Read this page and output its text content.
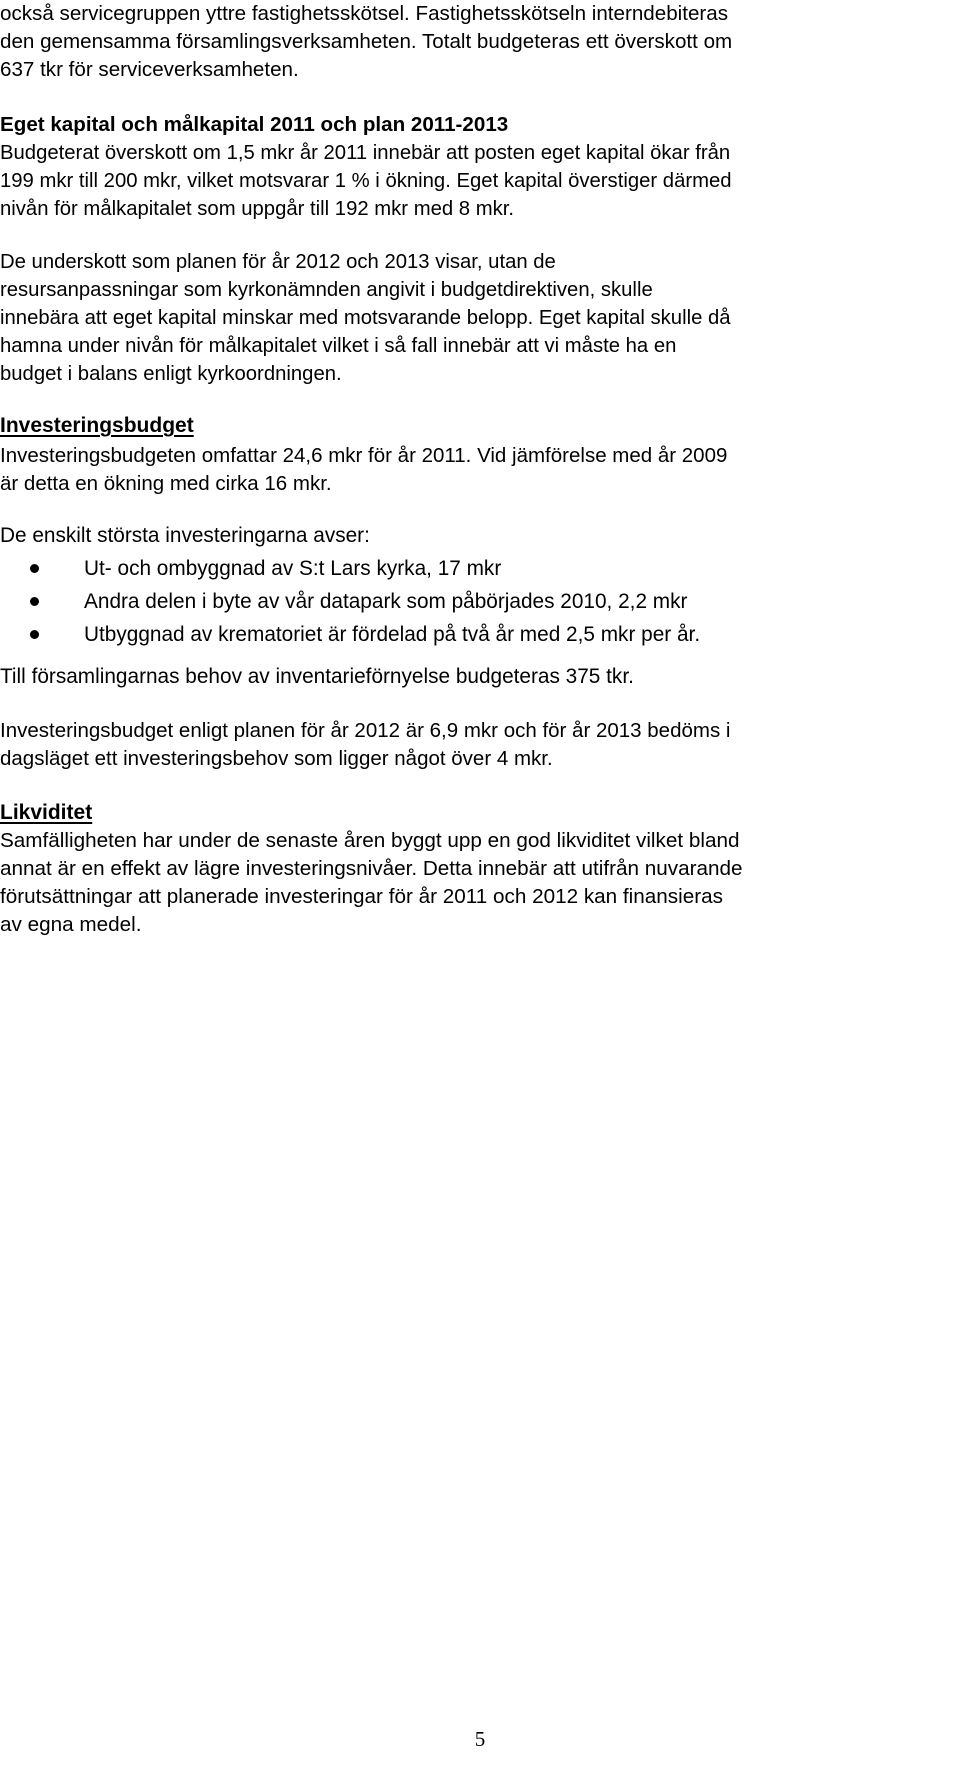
också servicegruppen yttre fastighetsskötsel. Fastighetsskötseln interndebiteras

den gemensamma församlingsverksamheten. Totalt budgeteras ett överskott om

637 tkr för serviceverksamheten.

Eget kapital och målkapital 2011 och plan 2011-2013

Budgeterat överskott om 1,5 mkr år 2011 innebär att posten eget kapital ökar från

199 mkr till 200 mkr, vilket motsvarar 1 % i ökning. Eget kapital överstiger därmed

nivån för målkapitalet som uppgår till 192 mkr med 8 mkr.

De underskott som planen för år 2012 och 2013 visar, utan de

resursanpassningar som kyrkonämnden angivit i budgetdirektiven, skulle

innebära att eget kapital minskar med motsvarande belopp. Eget kapital skulle då

hamna under nivån för målkapitalet vilket i så fall innebär att vi måste ha en

budget i balans enligt kyrkoordningen.

Investeringsbudget

Investeringsbudgeten omfattar 24,6 mkr för år 2011. Vid jämförelse med år 2009

är detta en ökning med cirka 16 mkr.

De enskilt största investeringarna avser:

Ut- och ombyggnad av S:t Lars kyrka, 17 mkr
Andra delen i byte av vår datapark som påbörjades 2010, 2,2 mkr
Utbyggnad av krematoriet är fördelad på två år med 2,5 mkr per år.

Till församlingarnas behov av inventarieförnyelse budgeteras 375 tkr.

Investeringsbudget enligt planen för år 2012 är 6,9 mkr och för år 2013 bedöms i

dagsläget ett investeringsbehov som ligger något över 4 mkr.

Likviditet

Samfälligheten har under de senaste åren byggt upp en god likviditet vilket bland

annat är en effekt av lägre investeringsnivåer. Detta innebär att utifrån nuvarande

förutsättningar att planerade investeringar för år 2011 och 2012 kan finansieras

av egna medel.

5
